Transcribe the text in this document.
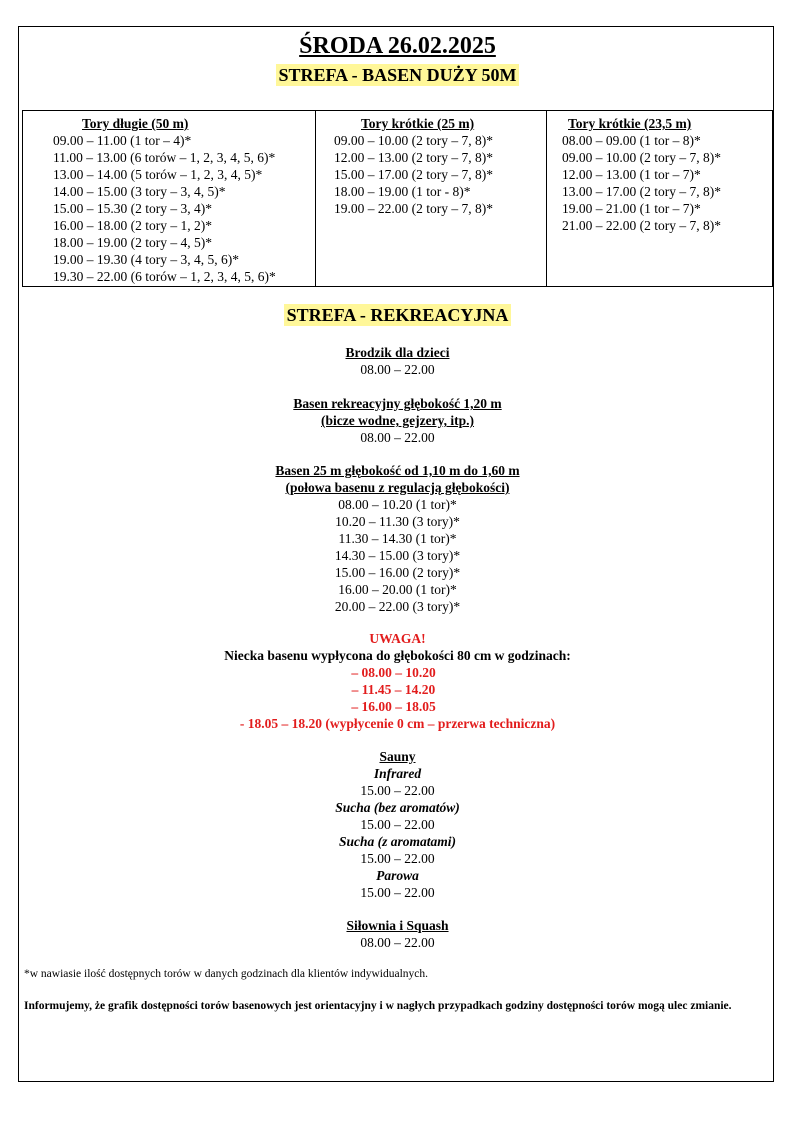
ŚRODA 26.02.2025
STREFA - BASEN DUŻY 50M
Tory długie (50 m)
09.00 – 11.00 (1 tor – 4)*
11.00 – 13.00 (6 torów – 1, 2, 3, 4, 5, 6)*
13.00 – 14.00 (5 torów – 1, 2, 3, 4, 5)*
14.00 – 15.00 (3 tory – 3, 4, 5)*
15.00 – 15.30 (2 tory – 3, 4)*
16.00 – 18.00 (2 tory – 1, 2)*
18.00 – 19.00 (2 tory – 4, 5)*
19.00 – 19.30 (4 tory – 3, 4, 5, 6)*
19.30 – 22.00 (6 torów – 1, 2, 3, 4, 5, 6)*
Tory krótkie (25 m)
09.00 – 10.00 (2 tory – 7, 8)*
12.00 – 13.00 (2 tory – 7, 8)*
15.00 – 17.00 (2 tory – 7, 8)*
18.00 – 19.00 (1 tor - 8)*
19.00 – 22.00 (2 tory – 7, 8)*
Tory krótkie (23,5 m)
08.00 – 09.00 (1 tor – 8)*
09.00 – 10.00 (2 tory – 7, 8)*
12.00 – 13.00 (1 tor – 7)*
13.00 – 17.00 (2 tory – 7, 8)*
19.00 – 21.00 (1 tor – 7)*
21.00 – 22.00 (2 tory – 7, 8)*
STREFA - REKREACYJNA
Brodzik dla dzieci
08.00 – 22.00
Basen rekreacyjny głębokość 1,20 m
(bicze wodne, gejzery, itp.)
08.00 – 22.00
Basen 25 m głębokość od 1,10 m do 1,60 m
(połowa basenu z regulacją głębokości)
08.00 – 10.20 (1 tor)*
10.20 – 11.30 (3 tory)*
11.30 – 14.30 (1 tor)*
14.30 – 15.00 (3 tory)*
15.00 – 16.00 (2 tory)*
16.00 – 20.00 (1 tor)*
20.00 – 22.00 (3 tory)*
UWAGA!
Niecka basenu wypłycona do głębokości 80 cm w godzinach:
– 08.00 – 10.20
– 11.45 – 14.20
– 16.00 – 18.05
- 18.05 – 18.20 (wypłycenie 0 cm – przerwa techniczna)
Sauny
Infrared
15.00 – 22.00
Sucha (bez aromatów)
15.00 – 22.00
Sucha (z aromatami)
15.00 – 22.00
Parowa
15.00 – 22.00
Siłownia i Squash
08.00 – 22.00
*w nawiasie ilość dostępnych torów w danych godzinach dla klientów indywidualnych.
Informujemy, że grafik dostępności torów basenowych jest orientacyjny i w nagłych przypadkach godziny dostępności torów mogą ulec zmianie.
